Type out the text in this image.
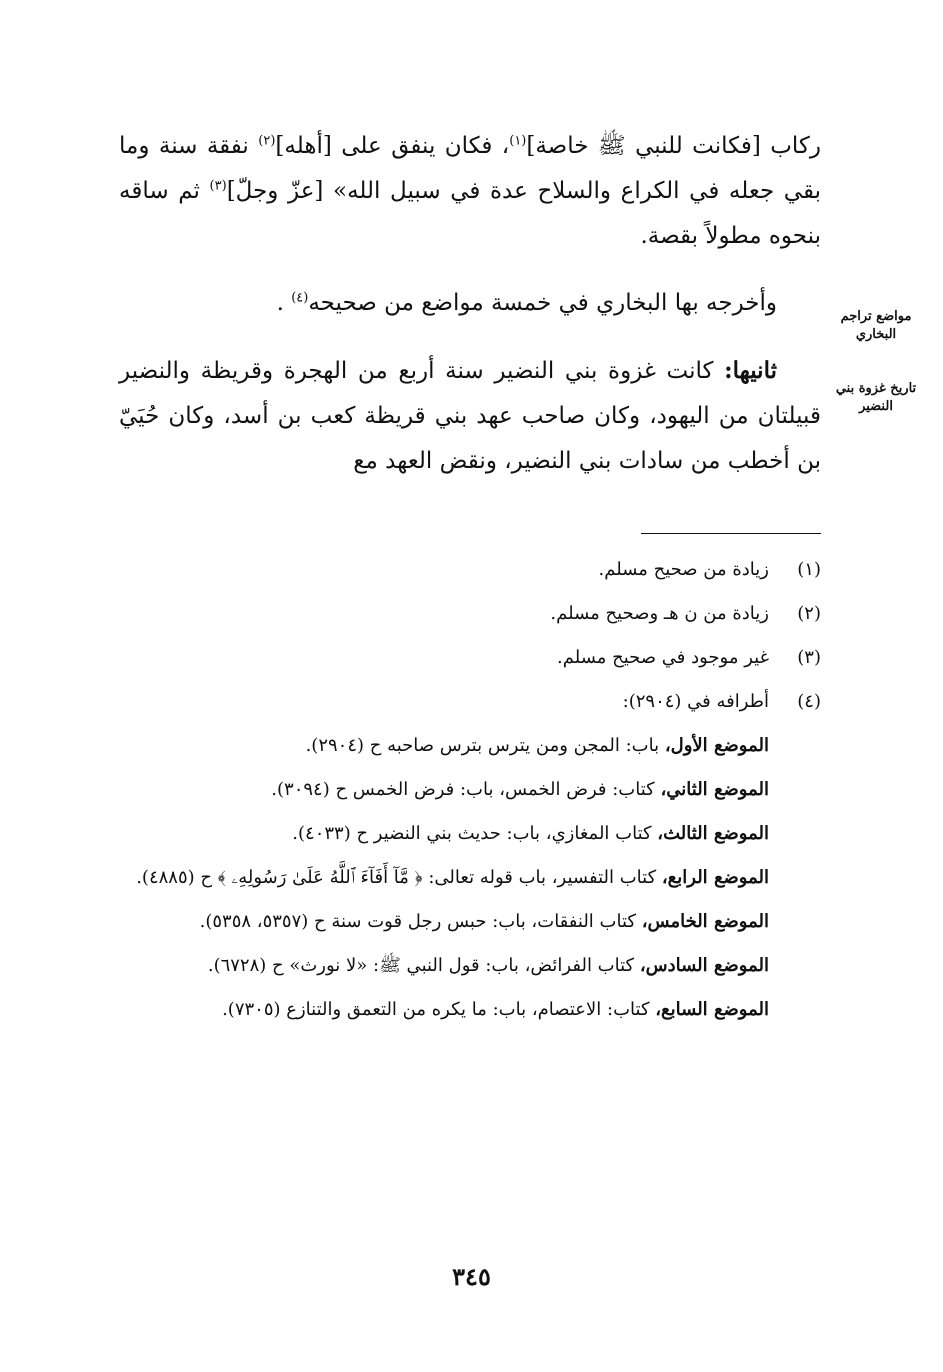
ركاب [فكانت للنبي ﷺ خاصة]$^{(١)}$، فكان ينفق على [أهله]$^{(٢)}$ نفقة سنة وما بقي جعله في الكراع والسلاح عدة في سبيل الله» [عزّ وجلّ]$^{(٣)}$ ثم ساقه بنحوه مطولاً بقصة.

وأخرجه بها البخاري في خمسة مواضع من صحيحه$^{(٤)}$ .

ثانيها: كانت غزوة بني النضير سنة أربع من الهجرة وقريظة والنضير قبيلتان من اليهود، وكان صاحب عهد بني قريظة كعب بن أسد، وكان حُيَيّ بن أخطب من سادات بني النضير، ونقض العهد مع

مواضع تراجم البخاري
تاريخ غزوة بني النضير
(١)
زيادة من صحيح مسلم.
(٢)
زيادة من ن هـ وصحيح مسلم.
(٣)
غير موجود في صحيح مسلم.
(٤)
أطرافه في (٢٩٠٤):

الموضع الأول، باب: المجن ومن يترس بترس صاحبه ح (٢٩٠٤).

الموضع الثاني، كتاب: فرض الخمس، باب: فرض الخمس ح (٣٠٩٤).

الموضع الثالث، كتاب المغازي، باب: حديث بني النضير ح (٤٠٣٣).

الموضع الرابع، كتاب التفسير، باب قوله تعالى: ﴿ مَّآ أَفَآءَ ٱللَّهُ عَلَىٰ رَسُولِهِۦ ﴾ ح (٤٨٨٥).

الموضع الخامس، كتاب النفقات، باب: حبس رجل قوت سنة ح (٥٣٥٧، ٥٣٥٨).

الموضع السادس، كتاب الفرائض، باب: قول النبي ﷺ: «لا نورث» ح (٦٧٢٨).

الموضع السابع، كتاب: الاعتصام، باب: ما يكره من التعمق والتنازع (٧٣٠٥).

٣٤٥
